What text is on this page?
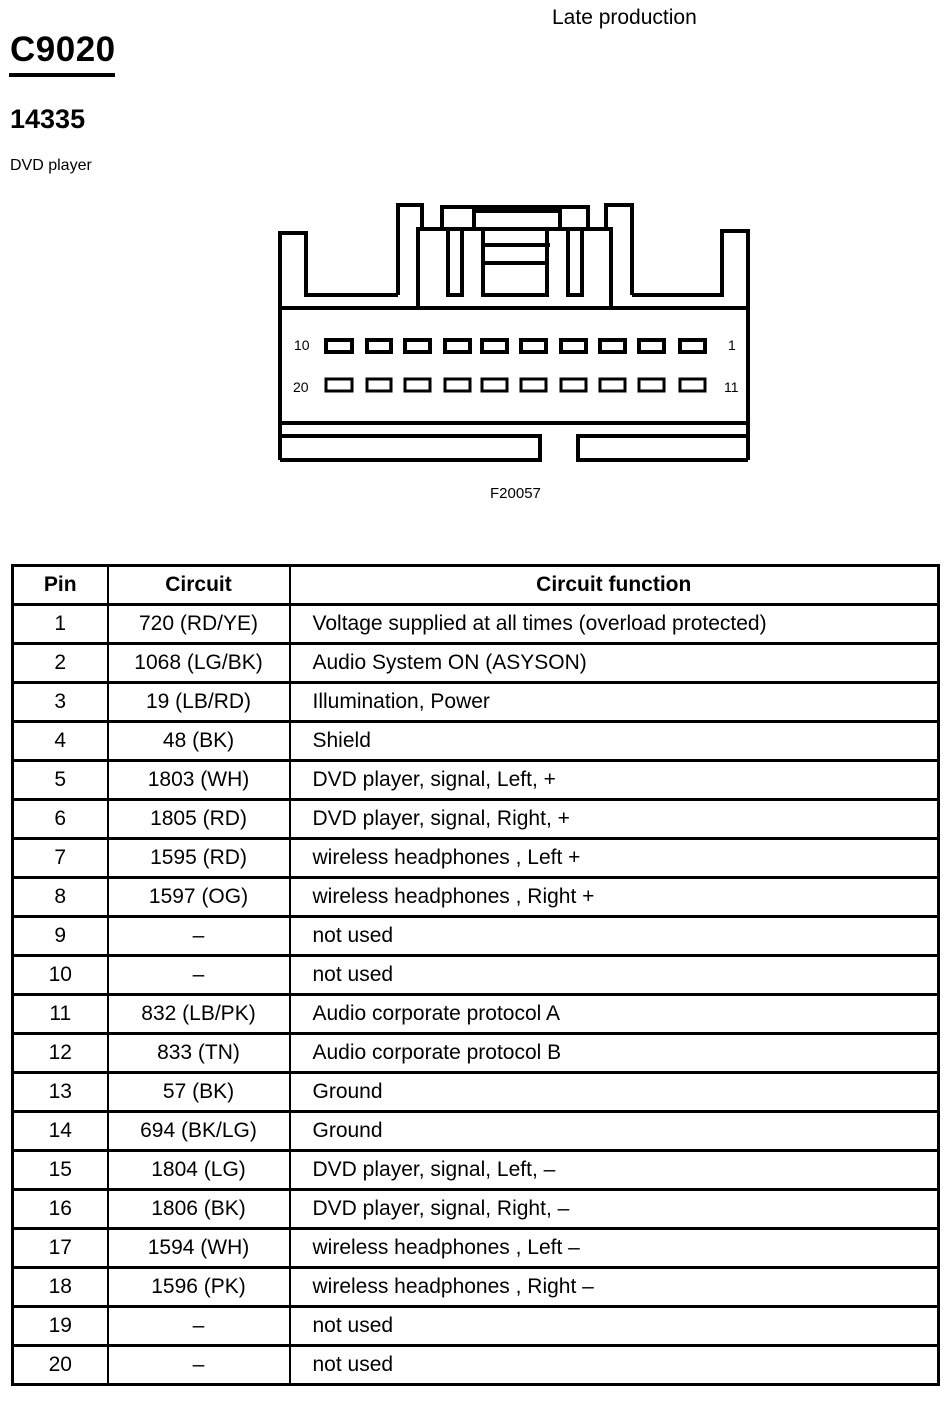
Late production
C9020
14335
DVD player
10	1
20	11
F20057
Pin	Circuit	Circuit function
1	720 (RD/YE)	Voltage supplied at all times (overload protected)
2	1068 (LG/BK)	Audio System ON (ASYSON)
3	19 (LB/RD)	Illumination, Power
4	48 (BK)	Shield
5	1803 (WH)	DVD player, signal, Left, +
6	1805 (RD)	DVD player, signal, Right, +
7	1595 (RD)	wireless headphones , Left +
8	1597 (OG)	wireless headphones , Right +
9	–	not used
10	–	not used
11	832 (LB/PK)	Audio corporate protocol A
12	833 (TN)	Audio corporate protocol B
13	57 (BK)	Ground
14	694 (BK/LG)	Ground
15	1804 (LG)	DVD player, signal, Left, –
16	1806 (BK)	DVD player, signal, Right, –
17	1594 (WH)	wireless headphones , Left –
18	1596 (PK)	wireless headphones , Right –
19	–	not used
20	–	not used
